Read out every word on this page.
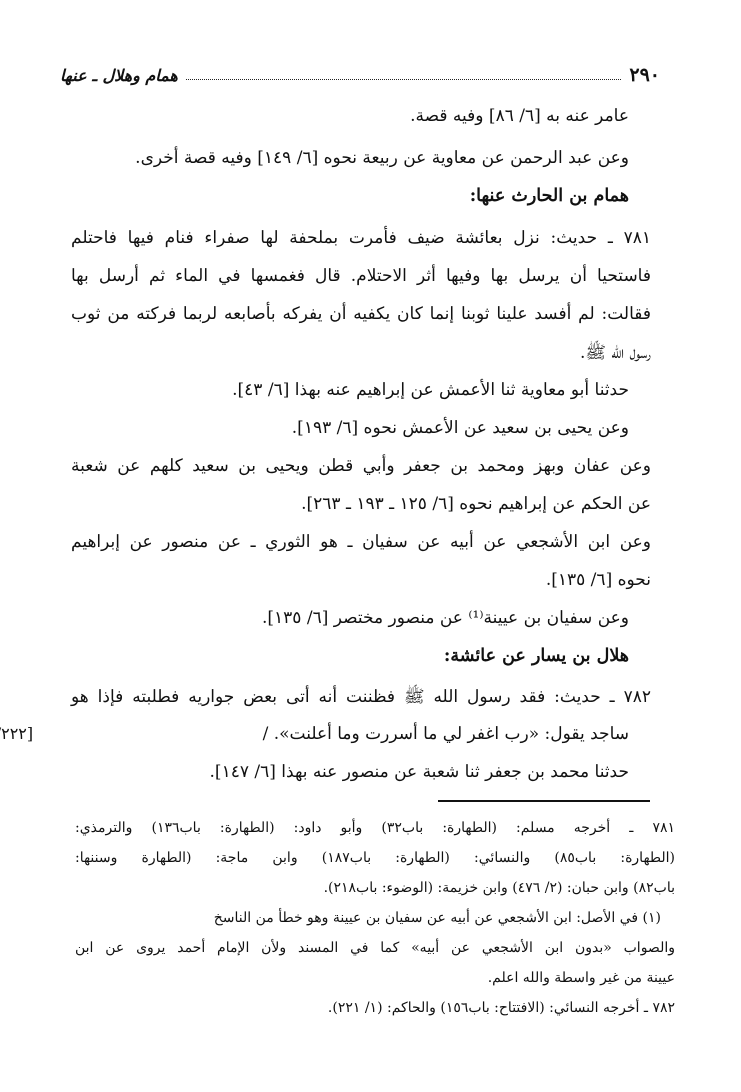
٢٩٠
همام وهلال ـ عنها
عامر عنه به [٦/ ٨٦] وفيه قصة.
وعن عبد الرحمن عن معاوية عن ربيعة نحوه [٦/ ١٤٩] وفيه قصة أخرى.
همام بن الحارث عنها:
٧٨١ ـ حديث: نزل بعائشة ضيف فأمرت بملحفة لها صفراء فنام فيها فاحتلم
فاستحيا أن يرسل بها وفيها أثر الاحتلام. قال فغمسها في الماء ثم أرسل بها
فقالت: لم أفسد علينا ثوبنا إنما كان يكفيه أن يفركه بأصابعه لربما فركته من ثوب
رسول الله ﷺ.
حدثنا أبو معاوية ثنا الأعمش عن إبراهيم عنه بهذا [٦/ ٤٣].
وعن يحيى بن سعيد عن الأعمش نحوه [٦/ ١٩٣].
وعن عفان وبهز ومحمد بن جعفر وأبي قطن ويحيى بن سعيد كلهم عن شعبة
عن الحكم عن إبراهيم نحوه [٦/ ١٢٥ ـ ١٩٣ ـ ٢٦٣].
وعن ابن الأشجعي عن أبيه عن سفيان ـ هو الثوري ـ عن منصور عن إبراهيم
نحوه [٦/ ١٣٥].
وعن سفيان بن عيينة⁽¹⁾ عن منصور مختصر [٦/ ١٣٥].
هلال بن يسار عن عائشة:
٧٨٢ ـ حديث: فقد رسول الله ﷺ فظننت أنه أتى بعض جواريه فطلبته فإذا هو
ساجد يقول: «رب اغفر لي ما أسررت وما أعلنت». /
حدثنا محمد بن جعفر ثنا شعبة عن منصور عنه بهذا [٦/ ١٤٧].
٢٢٢ ]
٧٨١ ـ أخرجه مسلم: (الطهارة: باب٣٢) وأبو داود: (الطهارة: باب١٣٦) والترمذي:
(الطهارة: باب٨٥) والنسائي: (الطهارة: باب١٨٧) وابن ماجة: (الطهارة وسننها:
باب٨٢) وابن حبان: (٢/ ٤٧٦) وابن خزيمة: (الوضوء: باب٢١٨).
(١) في الأصل: ابن الأشجعي عن أبيه عن سفيان بن عيينة وهو خطأ من الناسخ
والصواب «بدون ابن الأشجعي عن أبيه» كما في المسند ولأن الإمام أحمد يروى عن ابن
عيينة من غير واسطة والله اعلم.
٧٨٢ ـ أخرجه النسائي: (الافتتاح: باب١٥٦) والحاكم: (١/ ٢٢١).
